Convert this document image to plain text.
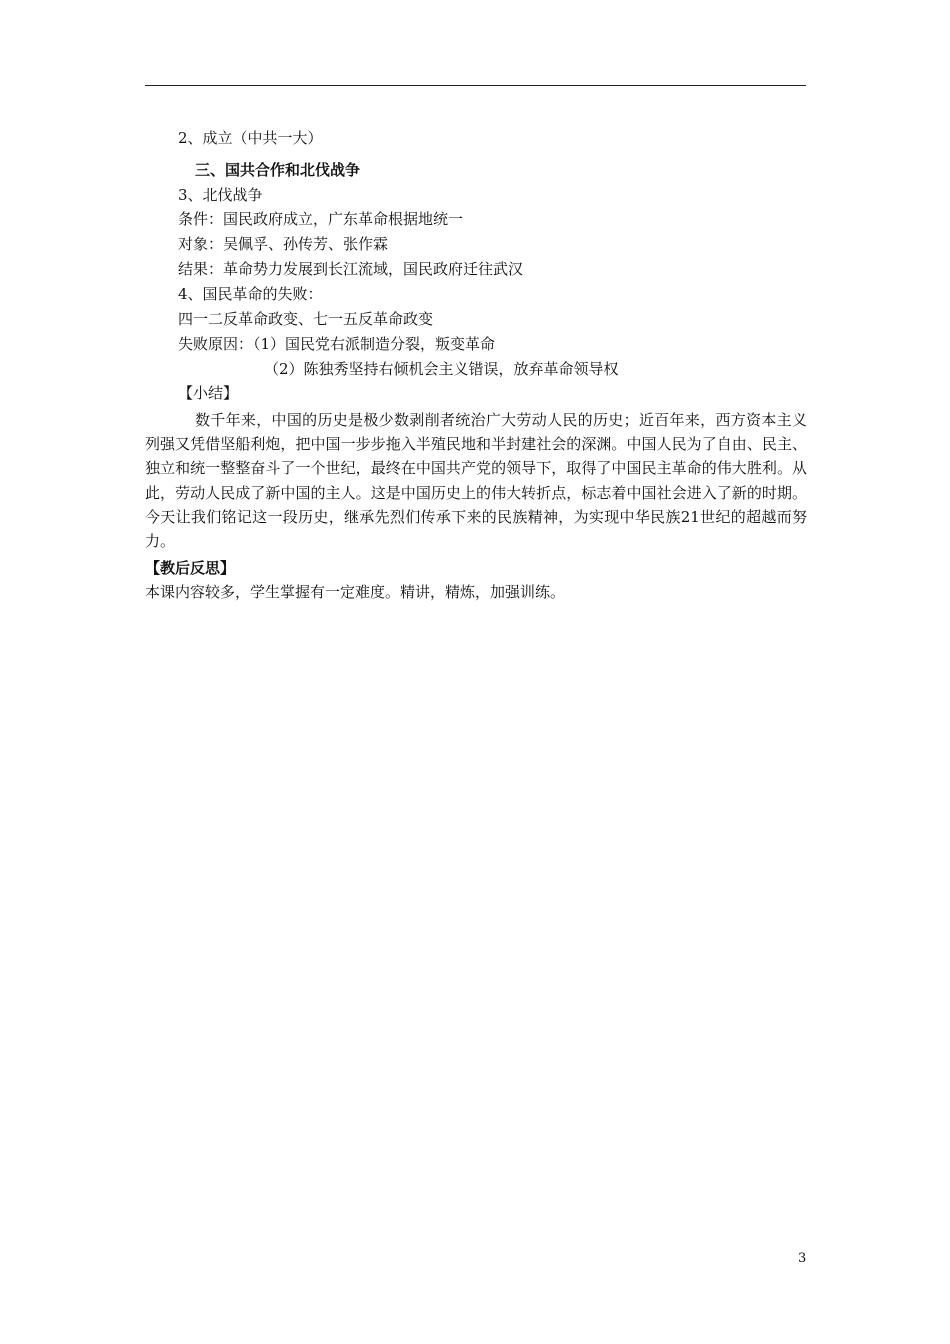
2、成立（中共一大）
三、国共合作和北伐战争
3、北伐战争
条件：国民政府成立，广东革命根据地统一
对象：吴佩孚、孙传芳、张作霖
结果：革命势力发展到长江流域，国民政府迁往武汉
4、国民革命的失败：
四一二反革命政变、七一五反革命政变
失败原因：（1）国民党右派制造分裂，叛变革命
（2）陈独秀坚持右倾机会主义错误，放弃革命领导权
【小结】
数千年来，中国的历史是极少数剥削者统治广大劳动人民的历史；近百年来，西方资本主义列强又凭借坚船利炮，把中国一步步拖入半殖民地和半封建社会的深渊。中国人民为了自由、民主、独立和统一整整奋斗了一个世纪，最终在中国共产党的领导下，取得了中国民主革命的伟大胜利。从此，劳动人民成了新中国的主人。这是中国历史上的伟大转折点，标志着中国社会进入了新的时期。今天让我们铭记这一段历史，继承先烈们传承下来的民族精神，为实现中华民族21世纪的超越而努力。
【教后反思】
本课内容较多，学生掌握有一定难度。精讲，精炼，加强训练。
3
